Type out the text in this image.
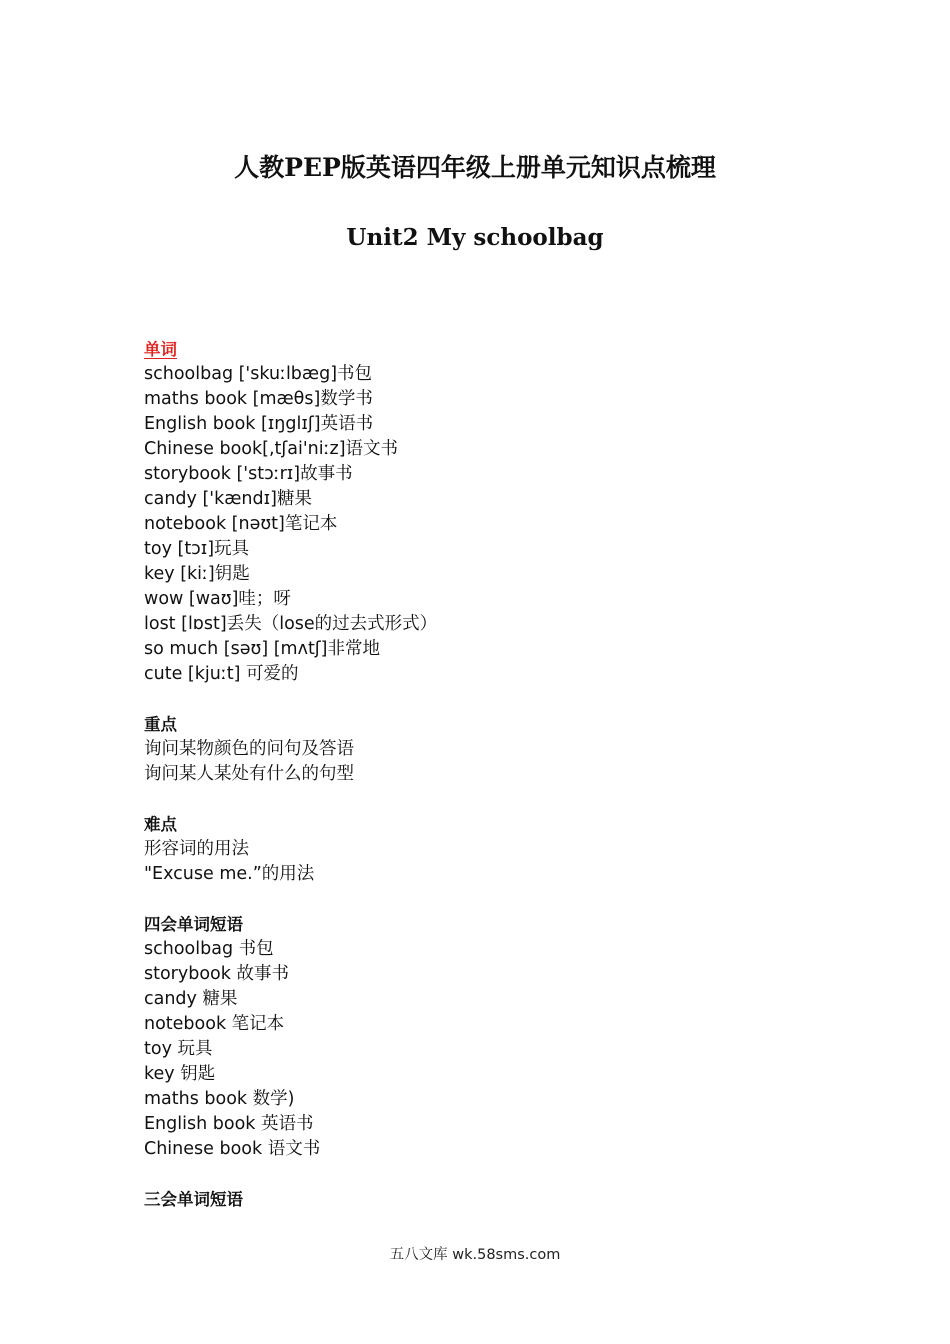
人教PEP版英语四年级上册单元知识点梳理
Unit2 My schoolbag
单词
schoolbag ['skuːlbæg]书包
maths book [mæθs]数学书
English book [ɪŋglɪʃ]英语书
Chinese book[,tʃai'niːz]语文书
storybook ['stɔːrɪ]故事书
candy ['kændɪ]糖果
notebook [nəʊt]笔记本
toy [tɔɪ]玩具
key [kiː]钥匙
wow [waʊ]哇；呀
lost [lɒst]丢失（lose的过去式形式）
so much [səʊ] [mʌtʃ]非常地
cute [kjuːt] 可爱的
重点
询问某物颜色的问句及答语
询问某人某处有什么的句型
难点
形容词的用法
"Excuse me.”的用法
四会单词短语
schoolbag 书包
storybook 故事书
candy 糖果
notebook 笔记本
toy 玩具
key 钥匙
maths book 数学)
English book 英语书
Chinese book 语文书
三会单词短语
五八文库 wk.58sms.com
